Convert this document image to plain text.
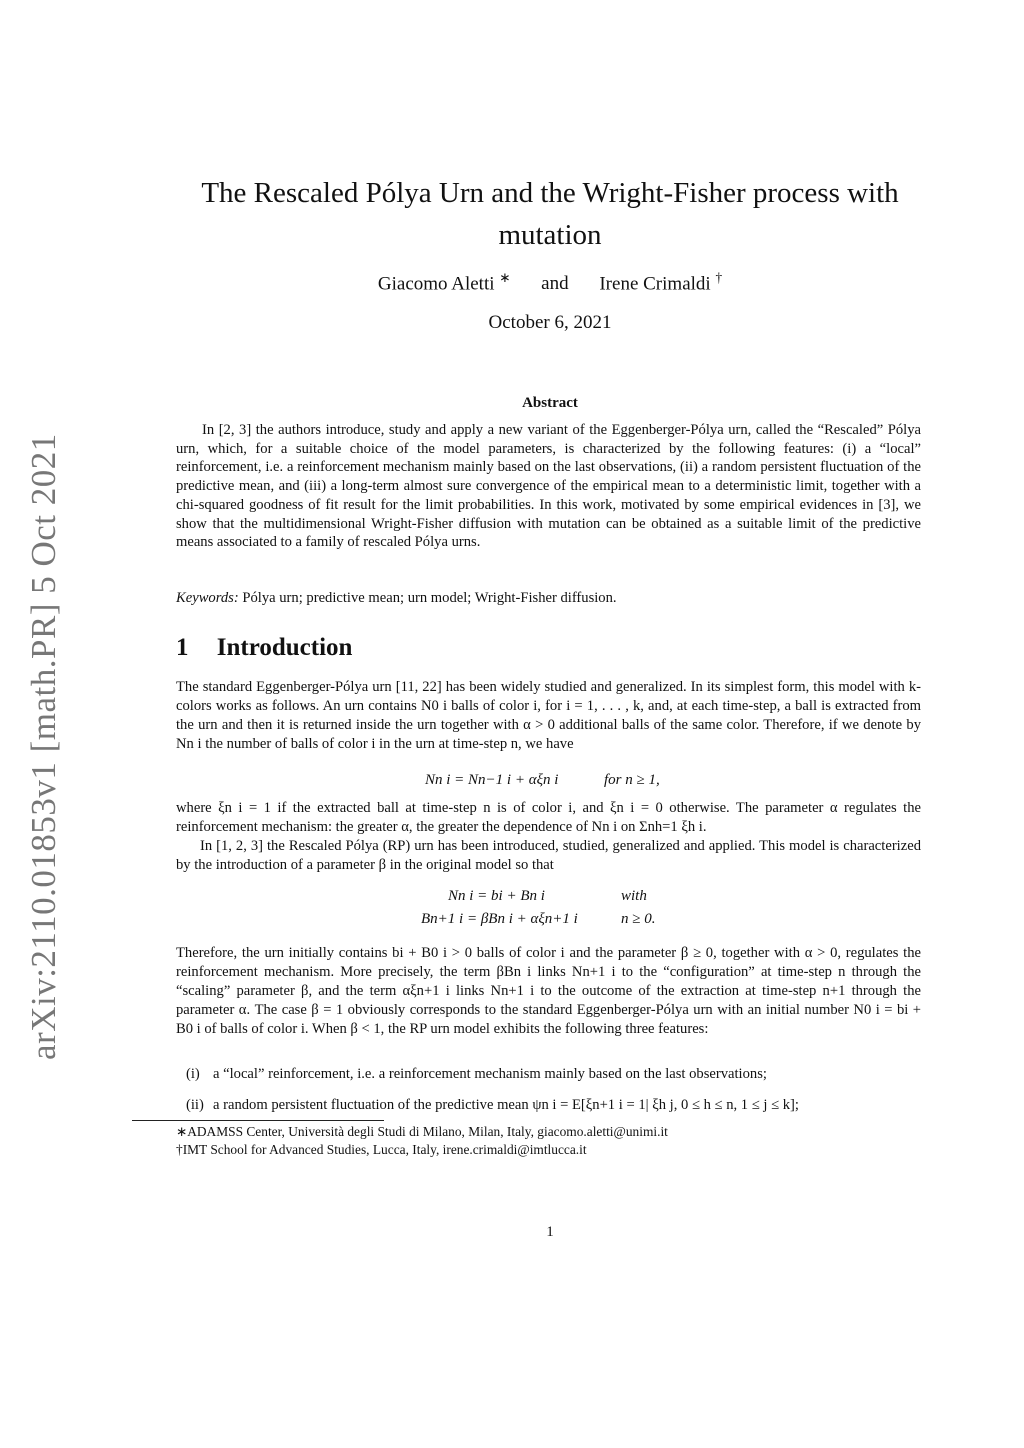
arXiv:2110.01853v1 [math.PR] 5 Oct 2021
The Rescaled Pólya Urn and the Wright-Fisher process with mutation
Giacomo Aletti ∗ and Irene Crimaldi †
October 6, 2021
Abstract
In [2, 3] the authors introduce, study and apply a new variant of the Eggenberger-Pólya urn, called the “Rescaled” Pólya urn, which, for a suitable choice of the model parameters, is characterized by the following features: (i) a “local” reinforcement, i.e. a reinforcement mechanism mainly based on the last observations, (ii) a random persistent fluctuation of the predictive mean, and (iii) a long-term almost sure convergence of the empirical mean to a deterministic limit, together with a chi-squared goodness of fit result for the limit probabilities. In this work, motivated by some empirical evidences in [3], we show that the multidimensional Wright-Fisher diffusion with mutation can be obtained as a suitable limit of the predictive means associated to a family of rescaled Pólya urns.
Keywords: Pólya urn; predictive mean; urn model; Wright-Fisher diffusion.
1 Introduction
The standard Eggenberger-Pólya urn [11, 22] has been widely studied and generalized. In its simplest form, this model with k-colors works as follows. An urn contains N0 i balls of color i, for i = 1, . . . , k, and, at each time-step, a ball is extracted from the urn and then it is returned inside the urn together with α > 0 additional balls of the same color. Therefore, if we denote by Nn i the number of balls of color i in the urn at time-step n, we have
Nn i = Nn−1 i + αξn i	for n ≥ 1,
where ξn i = 1 if the extracted ball at time-step n is of color i, and ξn i = 0 otherwise. The parameter α regulates the reinforcement mechanism: the greater α, the greater the dependence of Nn i on Σnh=1 ξh i.
In [1, 2, 3] the Rescaled Pólya (RP) urn has been introduced, studied, generalized and applied. This model is characterized by the introduction of a parameter β in the original model so that
Nn i = bi + Bn i	with
Bn+1 i = βBn i + αξn+1 i	n ≥ 0.
Therefore, the urn initially contains bi + B0 i > 0 balls of color i and the parameter β ≥ 0, together with α > 0, regulates the reinforcement mechanism. More precisely, the term βBn i links Nn+1 i to the “configuration” at time-step n through the “scaling” parameter β, and the term αξn+1 i links Nn+1 i to the outcome of the extraction at time-step n+1 through the parameter α. The case β = 1 obviously corresponds to the standard Eggenberger-Pólya urn with an initial number N0 i = bi + B0 i of balls of color i. When β < 1, the RP urn model exhibits the following three features:
(i) a “local” reinforcement, i.e. a reinforcement mechanism mainly based on the last observations;
(ii) a random persistent fluctuation of the predictive mean ψn i = E[ξn+1 i = 1| ξh j, 0 ≤ h ≤ n, 1 ≤ j ≤ k];
∗ADAMSS Center, Università degli Studi di Milano, Milan, Italy, giacomo.aletti@unimi.it
†IMT School for Advanced Studies, Lucca, Italy, irene.crimaldi@imtlucca.it
1
